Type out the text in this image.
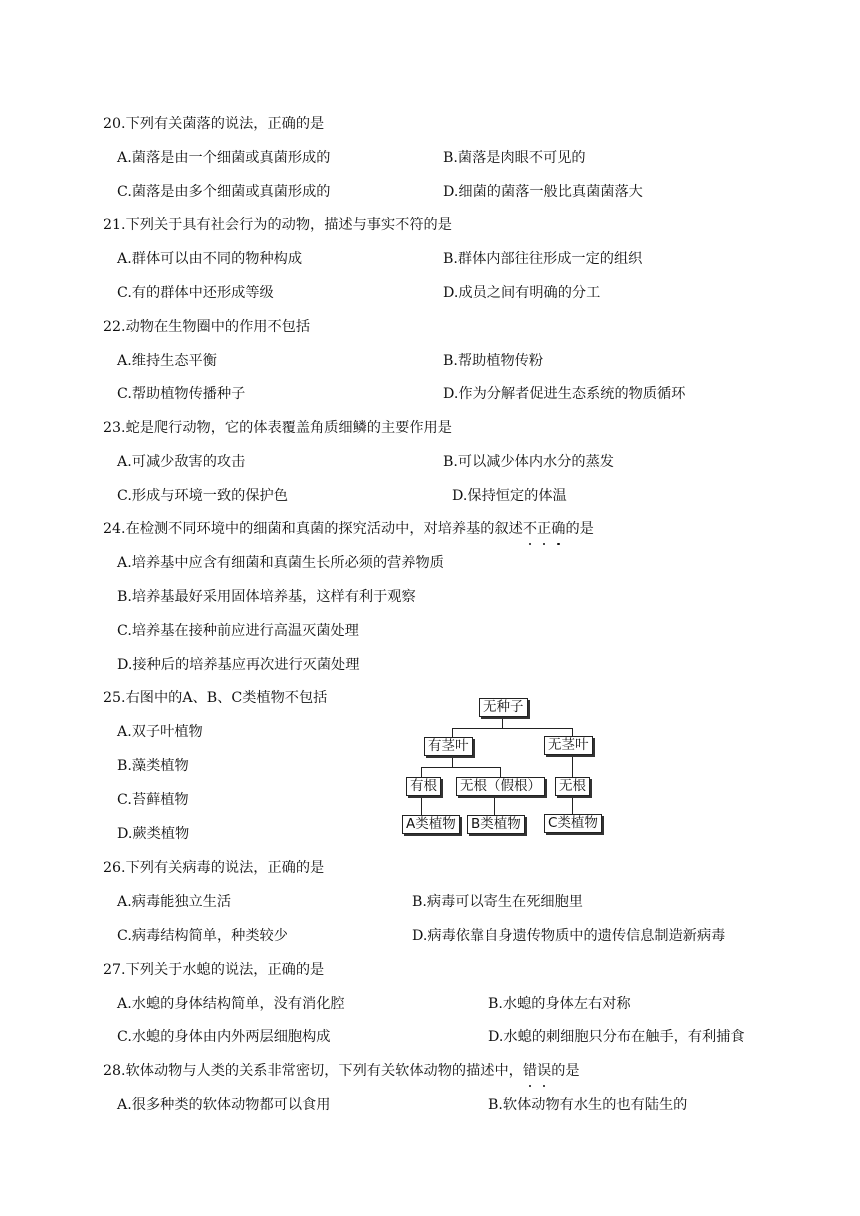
20.下列有关菌落的说法，正确的是
A.菌落是由一个细菌或真菌形成的	B.菌落是肉眼不可见的
C.菌落是由多个细菌或真菌形成的	D.细菌的菌落一般比真菌菌落大
21.下列关于具有社会行为的动物，描述与事实不符的是
A.群体可以由不同的物种构成	B.群体内部往往形成一定的组织
C.有的群体中还形成等级	D.成员之间有明确的分工
22.动物在生物圈中的作用不包括
A.维持生态平衡	B.帮助植物传粉
C.帮助植物传播种子	D.作为分解者促进生态系统的物质循环
23.蛇是爬行动物，它的体表覆盖角质细鳞的主要作用是
A.可减少敌害的攻击	B.可以减少体内水分的蒸发
C.形成与环境一致的保护色	D.保持恒定的体温
24.在检测不同环境中的细菌和真菌的探究活动中，对培养基的叙述不正确的是
A.培养基中应含有细菌和真菌生长所必须的营养物质
B.培养基最好采用固体培养基，这样有利于观察
C.培养基在接种前应进行高温灭菌处理
D.接种后的培养基应再次进行灭菌处理
25.右图中的A、B、C类植物不包括
A.双子叶植物
B.藻类植物
C.苔藓植物
D.蕨类植物
无种子
有茎叶	无茎叶
有根 无根（假根） 无根
A类植物 B类植物 C类植物
26.下列有关病毒的说法，正确的是
A.病毒能独立生活	B.病毒可以寄生在死细胞里
C.病毒结构简单，种类较少	D.病毒依靠自身遗传物质中的遗传信息制造新病毒
27.下列关于水螅的说法，正确的是
A.水螅的身体结构简单，没有消化腔	B.水螅的身体左右对称
C.水螅的身体由内外两层细胞构成	D.水螅的刺细胞只分布在触手，有利捕食
28.软体动物与人类的关系非常密切，下列有关软体动物的描述中，错误的是
A.很多种类的软体动物都可以食用	B.软体动物有水生的也有陆生的
